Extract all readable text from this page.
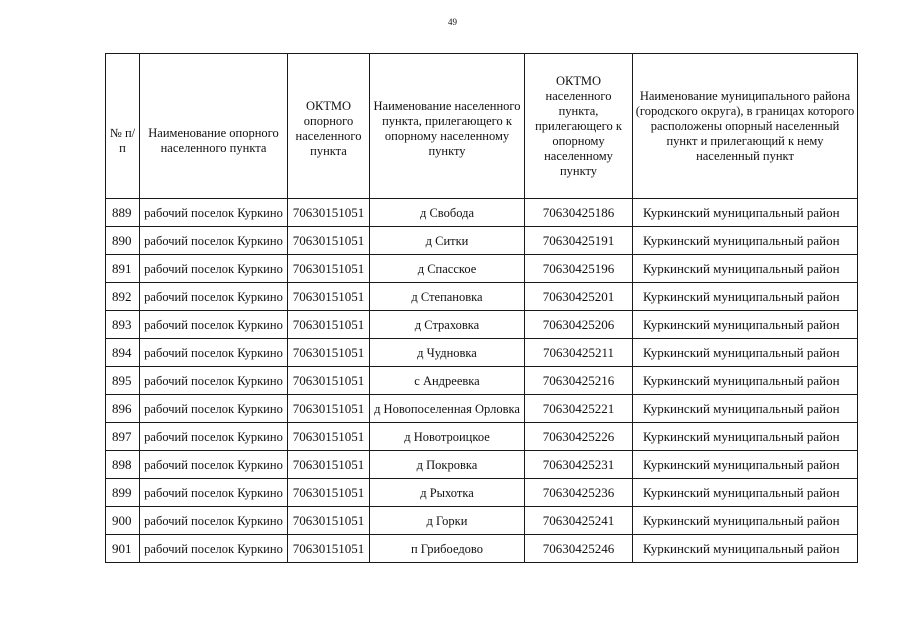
49
№ п/п	Наименование опорного населенного пункта	ОКТМО опорного населенного пункта	Наименование населенного пункта, прилегающего к опорному населенному пункту	ОКТМО населенного пункта, прилегающего к опорному населенному пункту	Наименование муниципального района (городского округа), в границах которого расположены опорный населенный пункт и прилегающий к нему населенный пункт
889	рабочий поселок Куркино	70630151051	д Свобода	70630425186	Куркинский муниципальный район
890	рабочий поселок Куркино	70630151051	д Ситки	70630425191	Куркинский муниципальный район
891	рабочий поселок Куркино	70630151051	д Спасское	70630425196	Куркинский муниципальный район
892	рабочий поселок Куркино	70630151051	д Степановка	70630425201	Куркинский муниципальный район
893	рабочий поселок Куркино	70630151051	д Страховка	70630425206	Куркинский муниципальный район
894	рабочий поселок Куркино	70630151051	д Чудновка	70630425211	Куркинский муниципальный район
895	рабочий поселок Куркино	70630151051	с Андреевка	70630425216	Куркинский муниципальный район
896	рабочий поселок Куркино	70630151051	д Новопоселенная Орловка	70630425221	Куркинский муниципальный район
897	рабочий поселок Куркино	70630151051	д Новотроицкое	70630425226	Куркинский муниципальный район
898	рабочий поселок Куркино	70630151051	д Покровка	70630425231	Куркинский муниципальный район
899	рабочий поселок Куркино	70630151051	д Рыхотка	70630425236	Куркинский муниципальный район
900	рабочий поселок Куркино	70630151051	д Горки	70630425241	Куркинский муниципальный район
901	рабочий поселок Куркино	70630151051	п Грибоедово	70630425246	Куркинский муниципальный район
